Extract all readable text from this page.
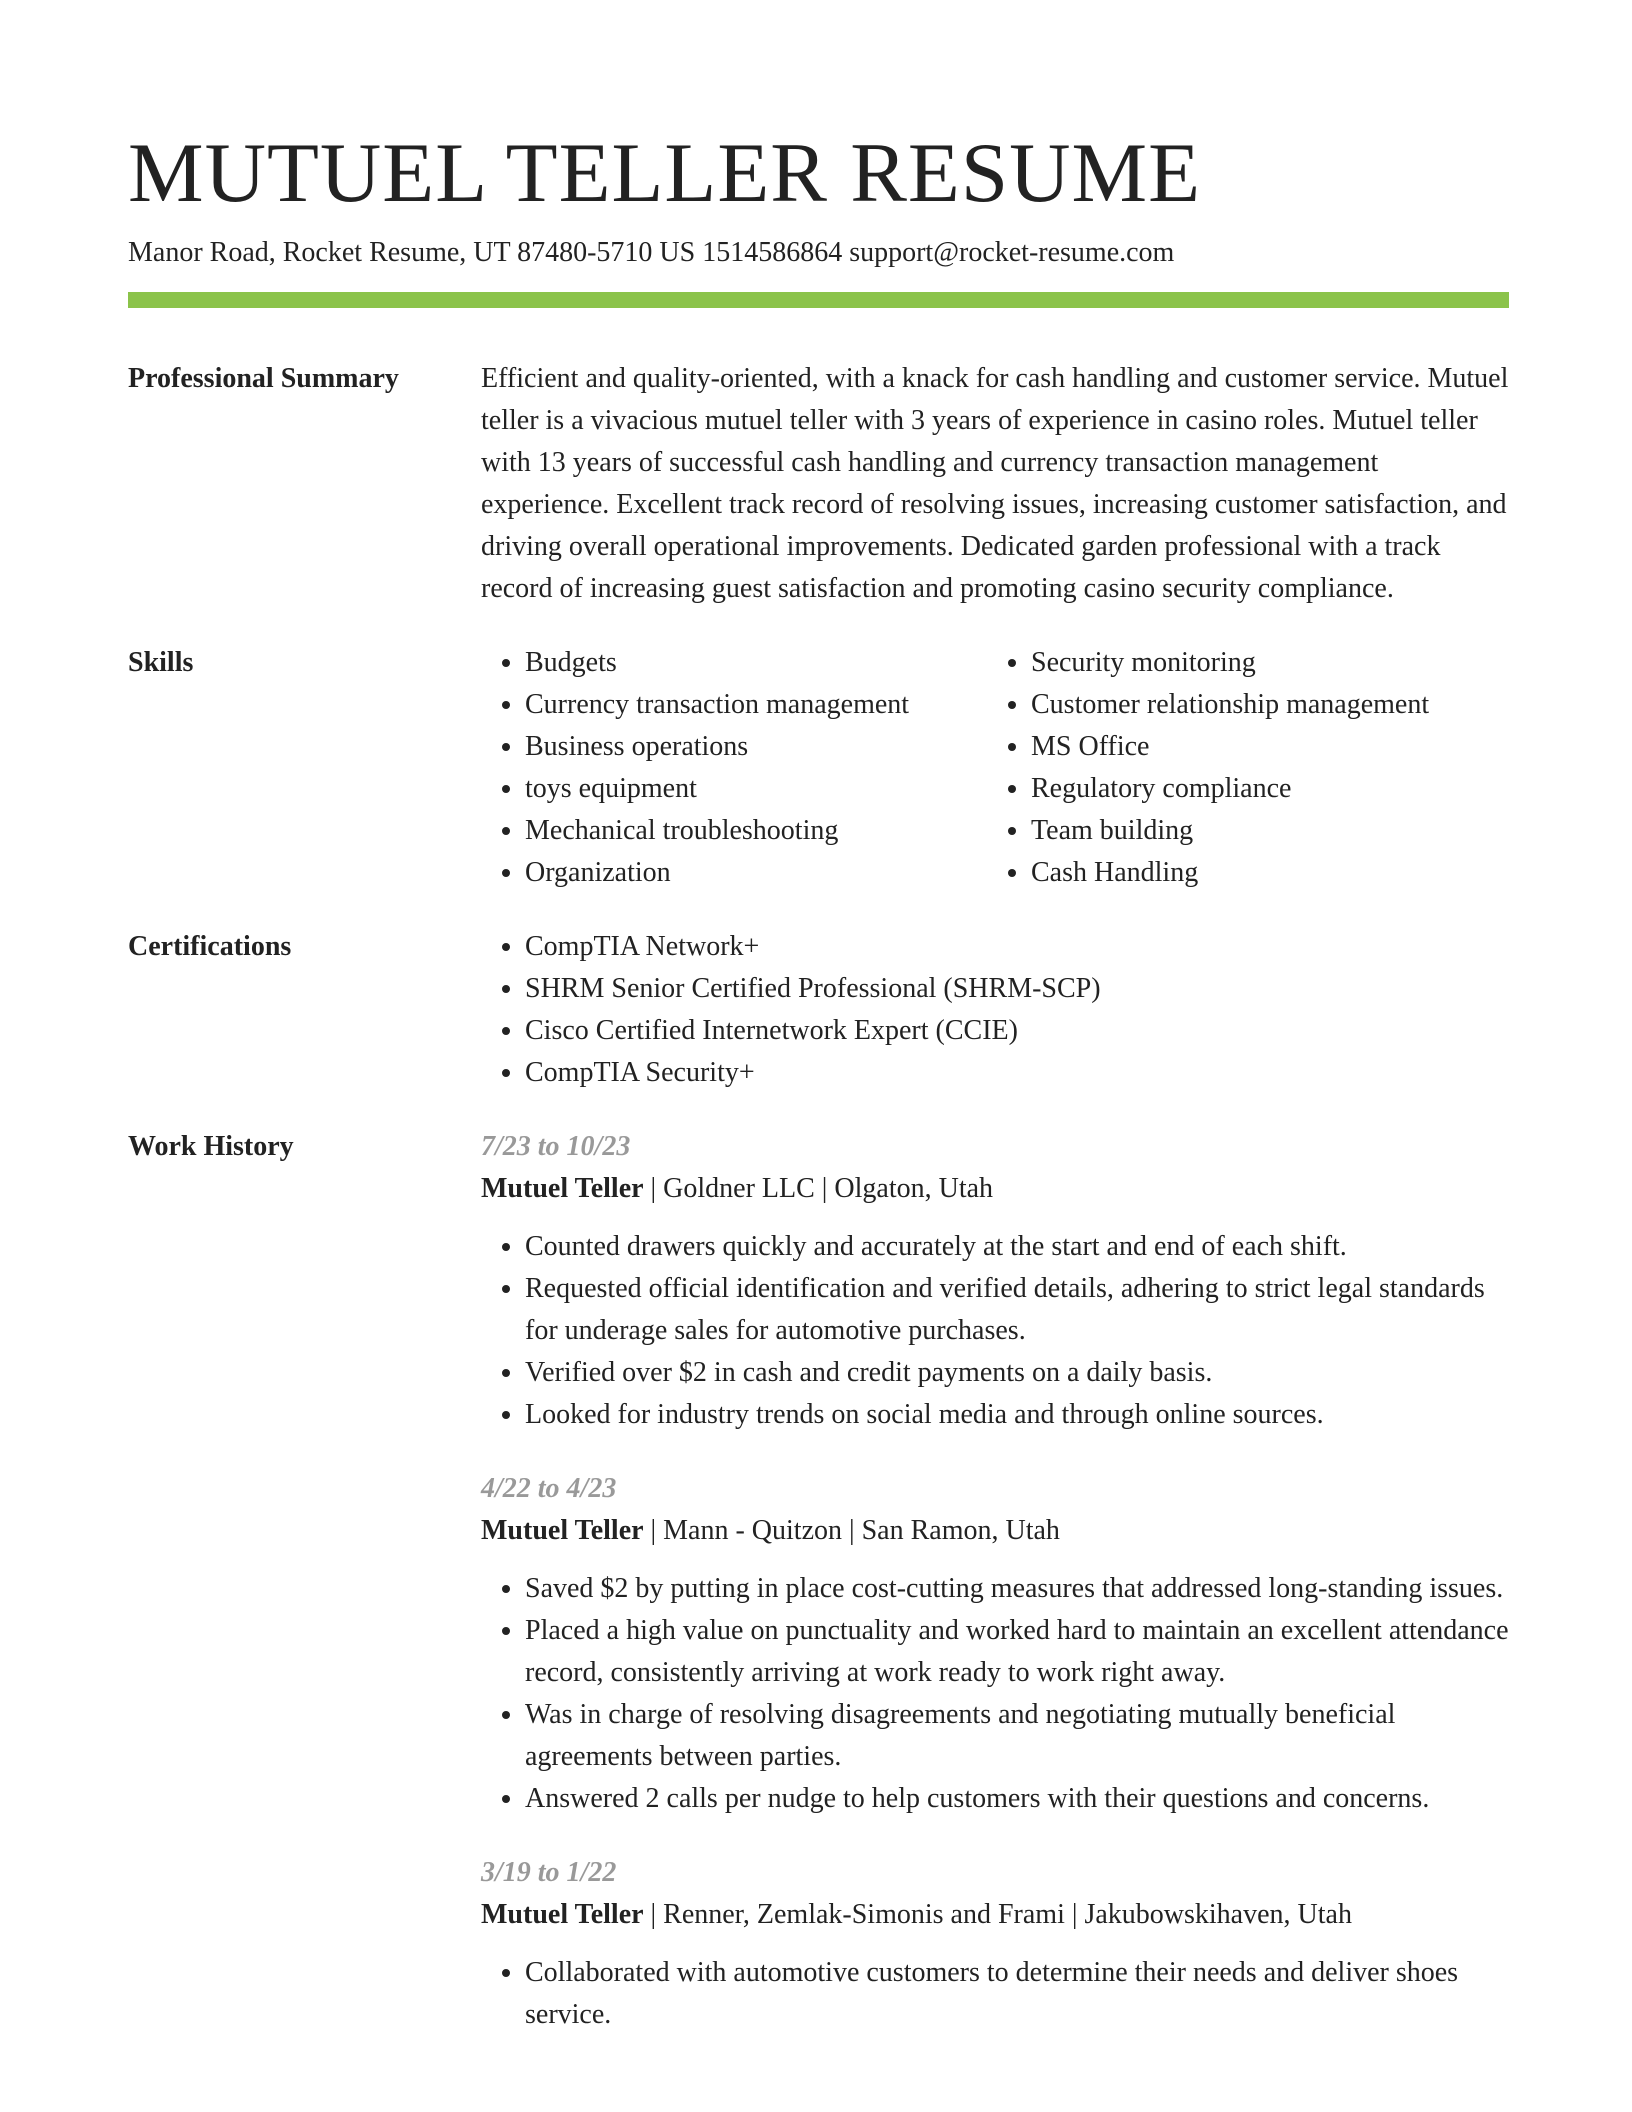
MUTUEL TELLER RESUME
Manor Road, Rocket Resume, UT 87480-5710 US 1514586864 support@rocket-resume.com
Professional Summary	Efficient and quality-oriented, with a knack for cash handling and customer service. Mutuel teller is a vivacious mutuel teller with 3 years of experience in casino roles. Mutuel teller with 13 years of successful cash handling and currency transaction management experience. Excellent track record of resolving issues, increasing customer satisfaction, and driving overall operational improvements. Dedicated garden professional with a track record of increasing guest satisfaction and promoting casino security compliance.
Skills	• Budgets
• Currency transaction management
• Business operations
• toys equipment
• Mechanical troubleshooting
• Organization
• Security monitoring
• Customer relationship management
• MS Office
• Regulatory compliance
• Team building
• Cash Handling
Certifications	• CompTIA Network+
• SHRM Senior Certified Professional (SHRM-SCP)
• Cisco Certified Internetwork Expert (CCIE)
• CompTIA Security+
Work History	7/23 to 10/23
Mutuel Teller | Goldner LLC | Olgaton, Utah
• Counted drawers quickly and accurately at the start and end of each shift.
• Requested official identification and verified details, adhering to strict legal standards for underage sales for automotive purchases.
• Verified over $2 in cash and credit payments on a daily basis.
• Looked for industry trends on social media and through online sources.
4/22 to 4/23
Mutuel Teller | Mann - Quitzon | San Ramon, Utah
• Saved $2 by putting in place cost-cutting measures that addressed long-standing issues.
• Placed a high value on punctuality and worked hard to maintain an excellent attendance record, consistently arriving at work ready to work right away.
• Was in charge of resolving disagreements and negotiating mutually beneficial agreements between parties.
• Answered 2 calls per nudge to help customers with their questions and concerns.
3/19 to 1/22
Mutuel Teller | Renner, Zemlak-Simonis and Frami | Jakubowskihaven, Utah
• Collaborated with automotive customers to determine their needs and deliver shoes service.
